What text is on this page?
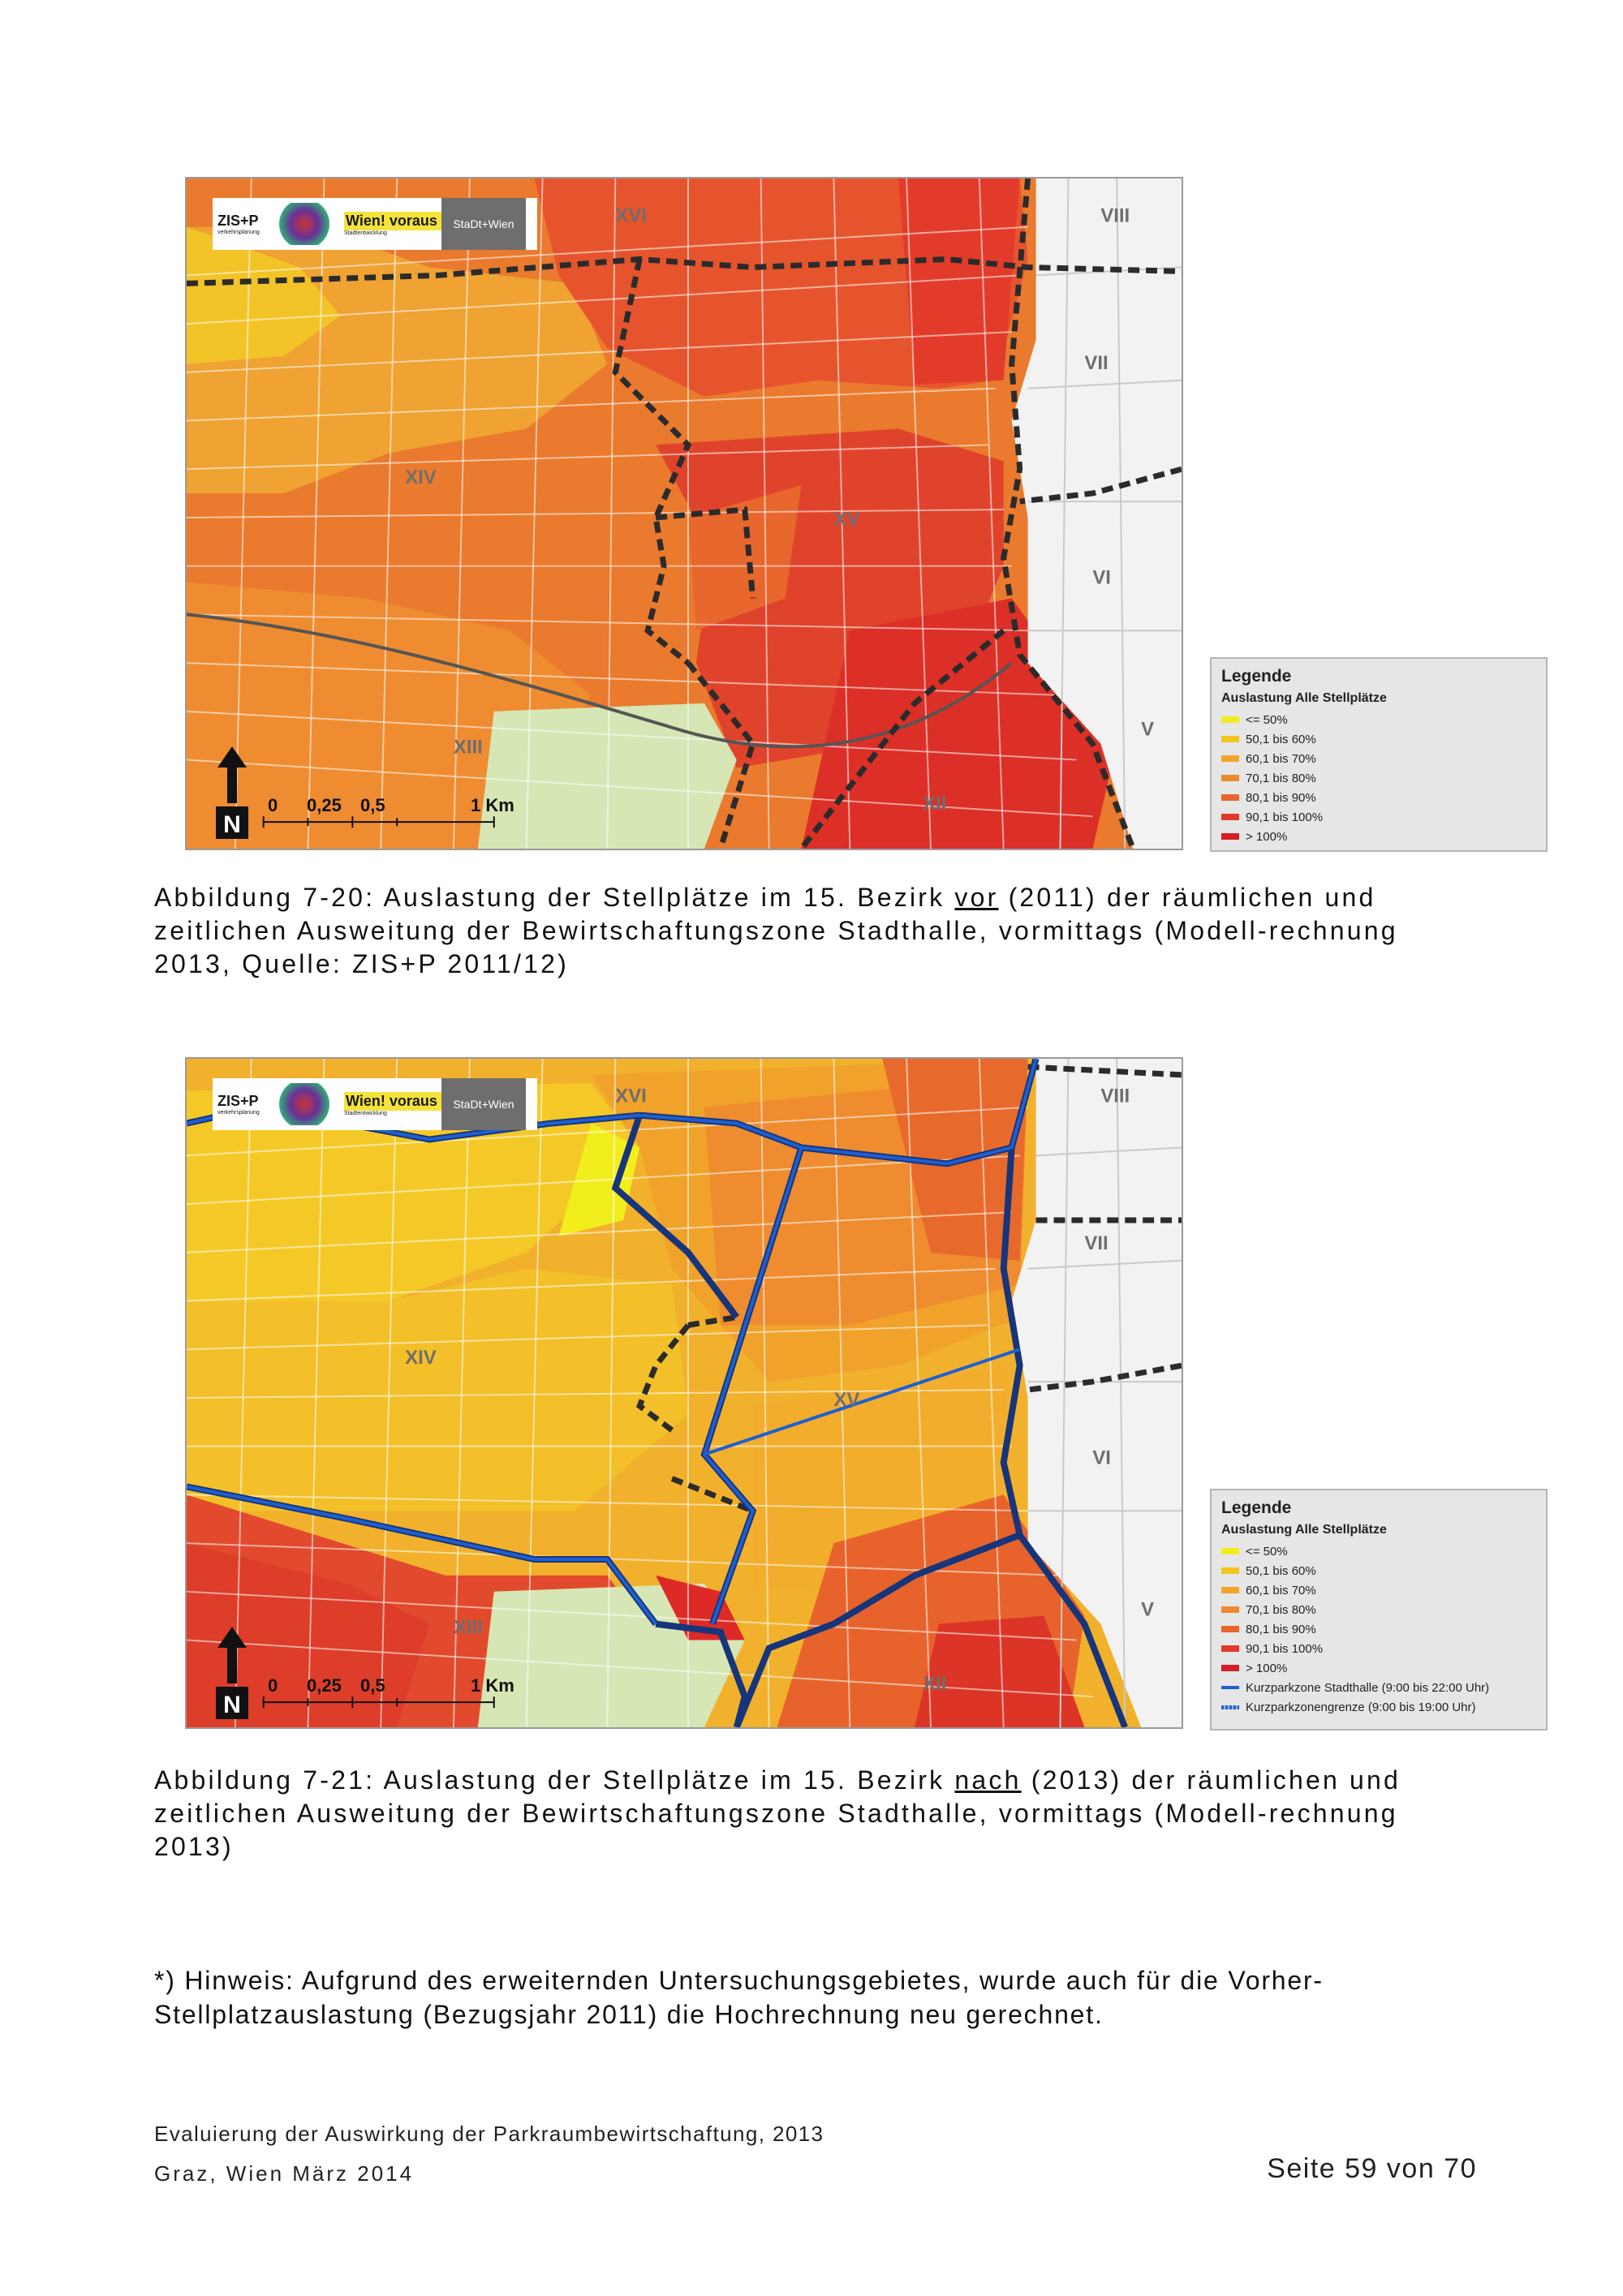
XVI	VIII
VII
XIV
XV
VI
V
XIII
XII
ZIS+P
verkehrsplanung
Wien! voraus
Stadtentwicklung
StaDt+Wien
N
0 0,25 0,5	1 Km
Legende
Auslastung Alle Stellplätze
<= 50%
50,1 bis 60%
60,1 bis 70%
70,1 bis 80%
80,1 bis 90%
90,1 bis 100%
> 100%
Abbildung 7-20: Auslastung der Stellplätze im 15. Bezirk vor (2011) der räumlichen und zeitlichen Ausweitung der Bewirtschaftungszone Stadthalle, vormittags (Modell-rechnung 2013, Quelle: ZIS+P 2011/12)
XVI	VIII
VII
XIV
XV
VI
V
XIII
XII
ZIS+P
verkehrsplanung
Wien! voraus
Stadtentwicklung
StaDt+Wien
N
0 0,25 0,5	1 Km
Legende
Auslastung Alle Stellplätze
<= 50%
50,1 bis 60%
60,1 bis 70%
70,1 bis 80%
80,1 bis 90%
90,1 bis 100%
> 100%
Kurzparkzone Stadthalle (9:00 bis 22:00 Uhr)
Kurzparkzonengrenze (9:00 bis 19:00 Uhr)
Abbildung 7-21: Auslastung der Stellplätze im 15. Bezirk nach (2013) der räumlichen und zeitlichen Ausweitung der Bewirtschaftungszone Stadthalle, vormittags (Modell-rechnung 2013)
*) Hinweis: Aufgrund des erweiternden Untersuchungsgebietes, wurde auch für die Vorher-Stellplatzauslastung (Bezugsjahr 2011) die Hochrechnung neu gerechnet.
Evaluierung der Auswirkung der Parkraumbewirtschaftung, 2013
Graz, Wien März 2014	Seite 59 von 70
